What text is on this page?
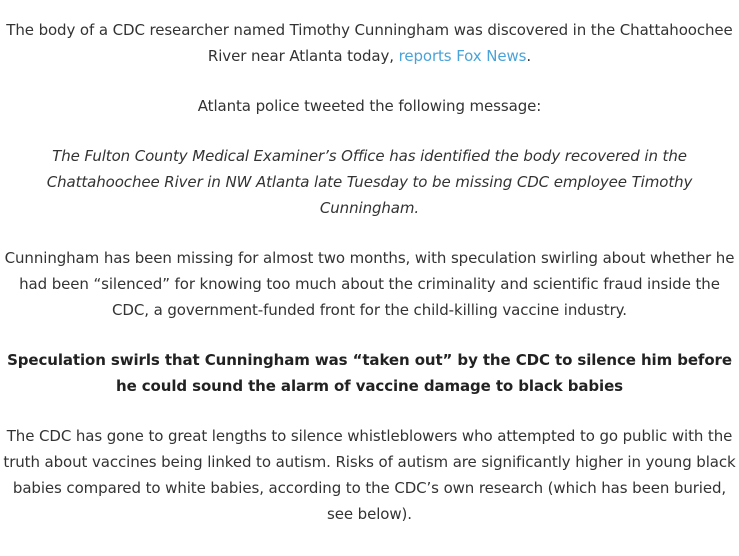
The body of a CDC researcher named Timothy Cunningham was discovered in the Chattahoochee River near Atlanta today, reports Fox News.

Atlanta police tweeted the following message:

The Fulton County Medical Examiner’s Office has identified the body recovered in the Chattahoochee River in NW Atlanta late Tuesday to be missing CDC employee Timothy Cunningham.

Cunningham has been missing for almost two months, with speculation swirling about whether he had been “silenced” for knowing too much about the criminality and scientific fraud inside the CDC, a government-funded front for the child-killing vaccine industry.

Speculation swirls that Cunningham was “taken out” by the CDC to silence him before he could sound the alarm of vaccine damage to black babies

The CDC has gone to great lengths to silence whistleblowers who attempted to go public with the truth about vaccines being linked to autism. Risks of autism are significantly higher in young black babies compared to white babies, according to the CDC’s own research (which has been buried, see below).
